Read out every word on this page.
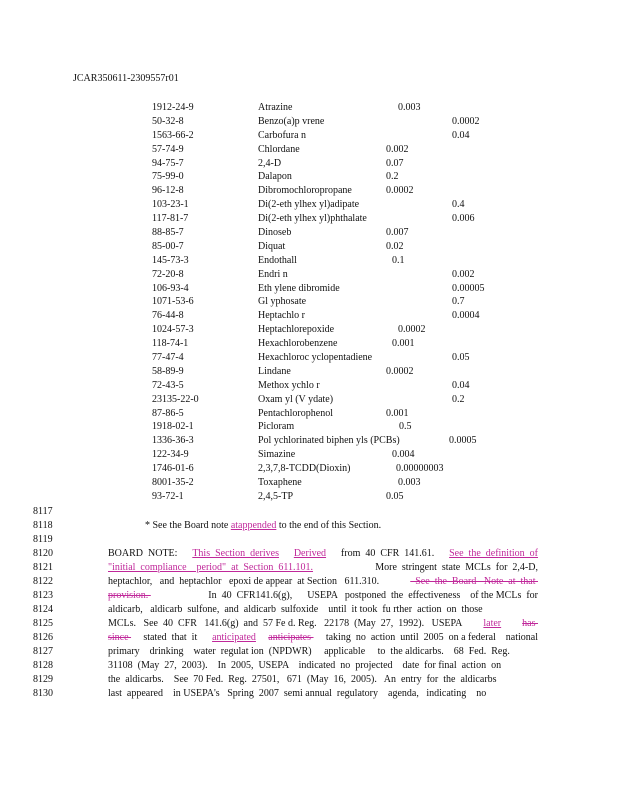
JCAR350611-2309557r01
1912-24-9	Atrazine	0.003
50-32-8	Benzo(a)p vrene	0.0002
1563-66-2	Carbofura n	0.04
57-74-9	Chlordane	0.002
94-75-7	2,4-D	0.07
75-99-0	Dalapon	0.2
96-12-8	Dibromochloropropane	0.0002
103-23-1	Di(2-eth ylhex yl)adipate	0.4
117-81-7	Di(2-eth ylhex yl)phthalate	0.006
88-85-7	Dinoseb	0.007
85-00-7	Diquat	0.02
145-73-3	Endothall	0.1
72-20-8	Endri n	0.002
106-93-4	Eth ylene dibromide	0.00005
1071-53-6	Gl yphosate	0.7
76-44-8	Heptachlo r	0.0004
1024-57-3	Heptachlorepoxide	0.0002
118-74-1	Hexachlorobenzene	0.001
77-47-4	Hexachloroc yclopentadiene	0.05
58-89-9	Lindane	0.0002
72-43-5	Methox ychlo r	0.04
23135-22-0	Oxam yl (V ydate)	0.2
87-86-5	Pentachlorophenol	0.001
1918-02-1	Picloram	0.5
1336-36-3	Pol ychlorinated biphen yls (PCBs)	0.0005
122-34-9	Simazine	0.004
1746-01-6	2,3,7,8-TCDD(Dioxin)	0.00000003
8001-35-2	Toxaphene	0.003
93-72-1	2,4,5-TP	0.05
8117
8118
8119
8120
8121
8122
8123
8124
8125
8126
8127
8128
8129
8130
* See the Board note atappended to the end of this Section.
BOARD  NOTE: This  Section  derives Derived from  40  CFR  141.61. See  the  definition  of
"initial  compliance    period"  at  Section  611.101.	More  stringent  state  MCLs  for  2,4-D,
heptachlor,   and  heptachlor   epoxi de appear  at Section   611.310.	See  the  Board   Note  at  that
provision.	In  40  CFR141.6(g),      USEPA   postponed  the  effectiveness    of the MCLs  for
aldicarb,   aldicarb  sulfone,  and  aldicarb  sulfoxide    until  it took  fu rther  action  on  those
MCLs.   See  40  CFR   141.6(g)  and  57 Fe d. Reg.   22178  (May  27,  1992).   USEPA later has
since stated  that  it anticipated anticipates taking  no  action  until  2005  on a federal    national
primary    drinking    water  regulat ion  (NPDWR)     applicable     to  the aldicarbs.    68  Fed.  Reg.
31108  (May  27,  2003).    In  2005,  USEPA    indicated  no  projected    date  for final  action  on
the  aldicarbs.    See  70 Fed.  Reg.  27501,   671  (May  16,  2005).   An  entry  for  the  aldicarbs
last  appeared    in USEPA's   Spring  2007  semi annual  regulatory    agenda,   indicating    no
